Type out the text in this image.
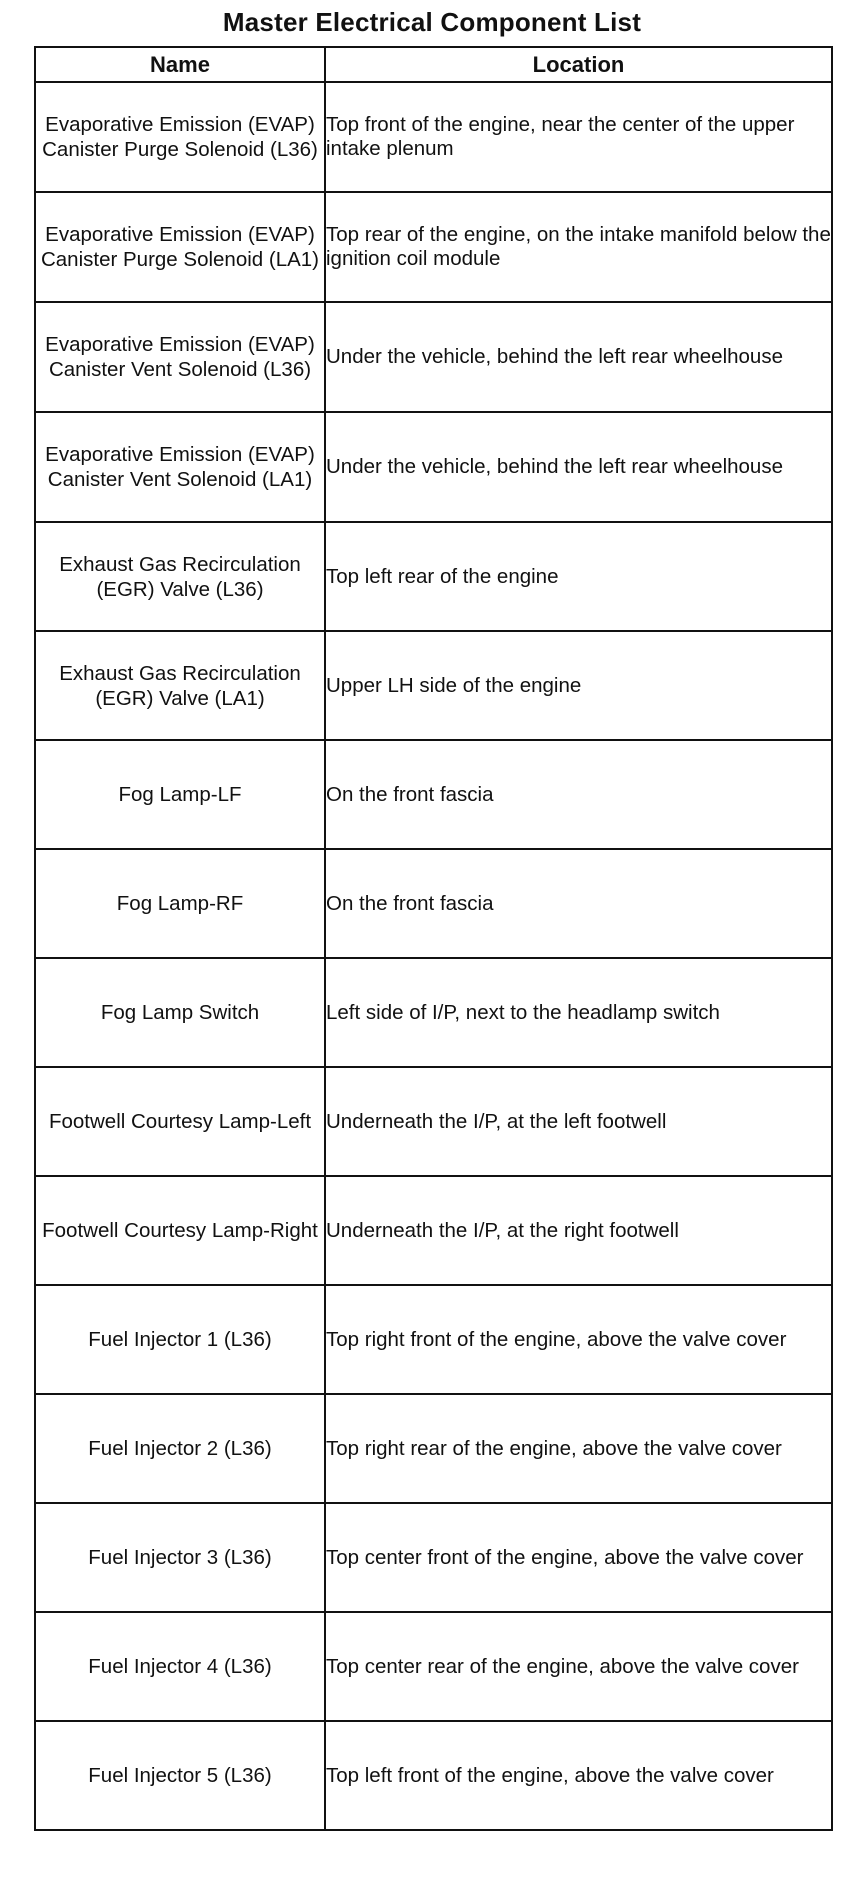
Master Electrical Component List
Name	Location
Evaporative Emission (EVAP) Canister Purge Solenoid (L36)	Top front of the engine, near the center of the upper intake plenum
Evaporative Emission (EVAP) Canister Purge Solenoid (LA1)	Top rear of the engine, on the intake manifold below the ignition coil module
Evaporative Emission (EVAP) Canister Vent Solenoid (L36)	Under the vehicle, behind the left rear wheelhouse
Evaporative Emission (EVAP) Canister Vent Solenoid (LA1)	Under the vehicle, behind the left rear wheelhouse
Exhaust Gas Recirculation (EGR) Valve (L36)	Top left rear of the engine
Exhaust Gas Recirculation (EGR) Valve (LA1)	Upper LH side of the engine
Fog Lamp-LF	On the front fascia
Fog Lamp-RF	On the front fascia
Fog Lamp Switch	Left side of I/P, next to the headlamp switch
Footwell Courtesy Lamp-Left	Underneath the I/P, at the left footwell
Footwell Courtesy Lamp-Right	Underneath the I/P, at the right footwell
Fuel Injector 1 (L36)	Top right front of the engine, above the valve cover
Fuel Injector 2 (L36)	Top right rear of the engine, above the valve cover
Fuel Injector 3 (L36)	Top center front of the engine, above the valve cover
Fuel Injector 4 (L36)	Top center rear of the engine, above the valve cover
Fuel Injector 5 (L36)	Top left front of the engine, above the valve cover
